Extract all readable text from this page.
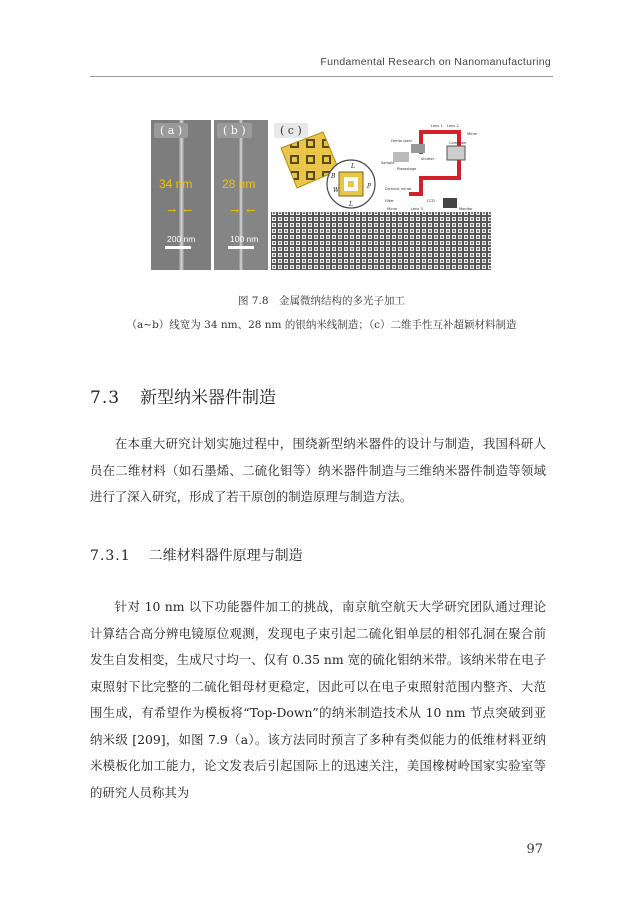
Fundamental Research on Nanomanufacturing
( a )
34 nm
→←
200 nm
( b )
28 nm
→←
100 nm
Lens 1 Lens 2
Femto laser
Mirror
Shutter
Computer
Sample
Piezostage
Dichroic mirror
Filter	CCD
Mirror	Lens 3	Monitor
B
W
L
P
L
( c )
图 7.8　金属微纳结构的多光子加工
（a~b）线宽为 34 nm、28 nm 的银纳米线制造；（c）二维手性互补超颖材料制造
7.3 新型纳米器件制造
在本重大研究计划实施过程中，围绕新型纳米器件的设计与制造，我国科研人员在二维材料（如石墨烯、二硫化钼等）纳米器件制造与三维纳米器件制造等领域进行了深入研究，形成了若干原创的制造原理与制造方法。
7.3.1 二维材料器件原理与制造
针对 10 nm 以下功能器件加工的挑战，南京航空航天大学研究团队通过理论计算结合高分辨电镜原位观测，发现电子束引起二硫化钼单层的相邻孔洞在聚合前发生自发相变，生成尺寸均一、仅有 0.35 nm 宽的硫化钼纳米带。该纳米带在电子束照射下比完整的二硫化钼母材更稳定，因此可以在电子束照射范围内整齐、大范围生成，有希望作为模板将“Top-Down”的纳米制造技术从 10 nm 节点突破到亚纳米级 [209]，如图 7.9（a）。该方法同时预言了多种有类似能力的低维材料亚纳米模板化加工能力，论文发表后引起国际上的迅速关注，美国橡树岭国家实验室等的研究人员称其为
97
